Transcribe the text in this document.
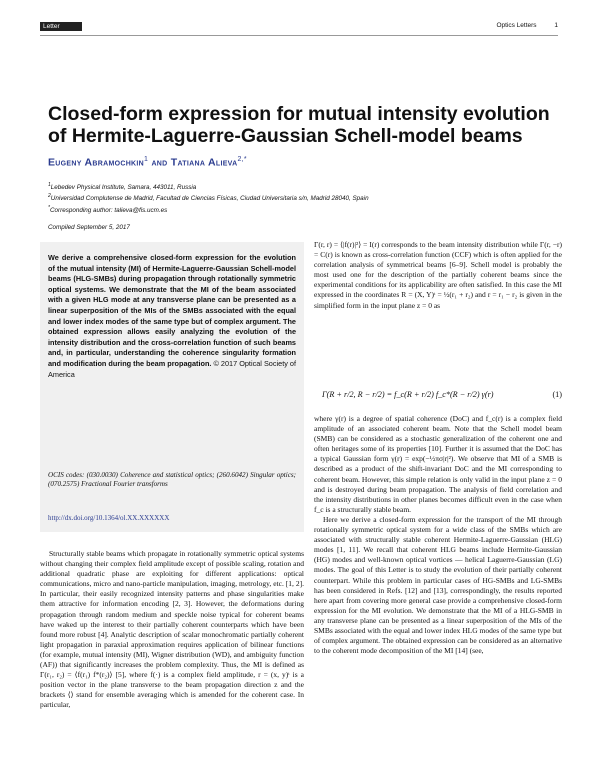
Letter	Optics Letters	1
Closed-form expression for mutual intensity evolution of Hermite-Laguerre-Gaussian Schell-model beams
Eugeny Abramochkin$^1$ and Tatiana Alieva$^{2,*}$
$^1$Lebedev Physical Institute, Samara, 443011, Russia
$^2$Universidad Complutense de Madrid, Facultad de Ciencias Físicas, Ciudad Universitaria s/n, Madrid 28040, Spain
*Corresponding author: talieva@fis.ucm.es
Compiled September 5, 2017

We derive a comprehensive closed-form expression for the evolution of the mutual intensity (MI) of Hermite-Laguerre-Gaussian Schell-model beams (HLG-SMBs) during propagation through rotationally symmetric optical systems. We demonstrate that the MI of the beam associated with a given HLG mode at any transverse plane can be presented as a linear superposition of the MIs of the SMBs associated with the equal and lower index modes of the same type but of complex argument. The obtained expression allows easily analyzing the evolution of the intensity distribution and the cross-correlation function of such beams and, in particular, understanding the coherence singularity formation and modification during the beam propagation. © 2017 Optical Society of America

OCIS codes: (030.0030) Coherence and statistical optics; (260.6042) Singular optics; (070.2575) Fractional Fourier transforms

http://dx.doi.org/10.1364/ol.XX.XXXXXX

Structurally stable beams which propagate in rotationally symmetric optical systems without changing their complex field amplitude except of possible scaling, rotation and additional quadratic phase are exploiting for different applications: optical communications, micro and nano-particle manipulation, imaging, metrology, etc. [1, 2]. In particular, their easily recognized intensity patterns and phase singularities make them attractive for information encoding [2, 3]. However, the deformations during propagation through random medium and speckle noise typical for coherent beams have waked up the interest to their partially coherent counterparts which have been found more robust [4]. Analytic description of scalar monochromatic partially coherent light propagation in paraxial approximation requires application of bilinear functions (for example, mutual intensity (MI), Wigner distribution (WD), and ambiguity function (AF)) that significantly increases the problem complexity. Thus, the MI is defined as Γ(r₁, r₂) = ⟨f(r₁) f*(r₂)⟩ [5], where f(·) is a complex field amplitude, r = (x, y)ᵗ is a position vector in the plane transverse to the beam propagation direction z and the brackets ⟨⟩ stand for ensemble averaging which is amended for the coherent case. In particular,

Γ(r, r) = ⟨|f(r)|²⟩ = I(r) corresponds to the beam intensity distribution while Γ(r, −r) = C(r) is known as cross-correlation function (CCF) which is often applied for the correlation analysis of symmetrical beams [6–9]. Schell model is probably the most used one for the description of the partially coherent beams since the experimental conditions for its applicability are often satisfied. In this case the MI expressed in the coordinates R = (X, Y)ᵗ = ½(r₁ + r₂) and r = r₁ − r₂ is given in the simplified form in the input plane z = 0 as

Γ(R + r/2, R − r/2) = f_c(R + r/2) f_c*(R − r/2) γ(r)	(1)

where γ(r) is a degree of spatial coherence (DoC) and f_c(r) is a complex field amplitude of an associated coherent beam. Note that the Schell model beam (SMB) can be considered as a stochastic generalization of the coherent one and often heritages some of its properties [10]. Further it is assumed that the DoC has a typical Gaussian form γ(r) = exp(−½πσ|r|²). We observe that MI of a SMB is described as a product of the shift-invariant DoC and the MI corresponding to coherent beam. However, this simple relation is only valid in the input plane z = 0 and is destroyed during beam propagation. The analysis of field correlation and the intensity distributions in other planes becomes difficult even in the case when f_c is a structurally stable beam.

Here we derive a closed-form expression for the transport of the MI through rotationally symmetric optical system for a wide class of the SMBs which are associated with structurally stable coherent Hermite-Laguerre-Gaussian (HLG) modes [1, 11]. We recall that coherent HLG beams include Hermite-Gaussian (HG) modes and well-known optical vortices — helical Laguerre-Gaussian (LG) modes. The goal of this Letter is to study the evolution of their partially coherent counterpart. While this problem in particular cases of HG-SMBs and LG-SMBs has been considered in Refs. [12] and [13], correspondingly, the results reported here apart from covering more general case provide a comprehensive closed-form expression for the MI evolution. We demonstrate that the MI of a HLG-SMB in any transverse plane can be presented as a linear superposition of the MIs of the SMBs associated with the equal and lower index HLG modes of the same type but of complex argument. The obtained expression can be considered as an alternative to the coherent mode decomposition of the MI [14] (see,
